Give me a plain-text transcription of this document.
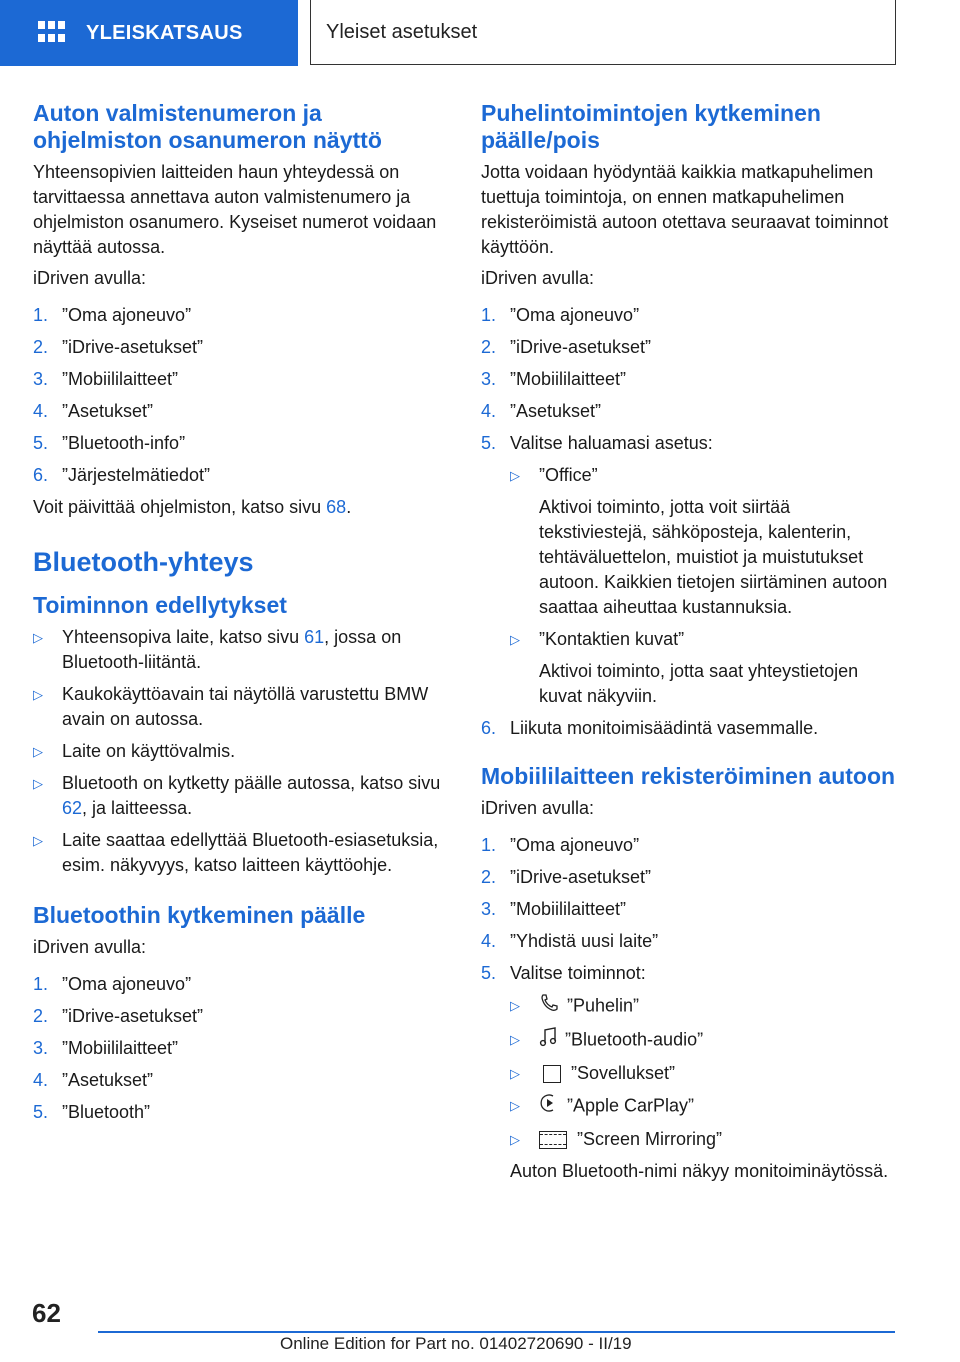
YLEISKATSAUS	Yleiset asetukset
Auton valmistenumeron ja ohjelmiston osanumeron näyttö

Yhteensopivien laitteiden haun yhteydessä on tarvittaessa annettava auton valmistenumero ja ohjelmiston osanumero. Kyseiset numerot voidaan näyttää autossa.

iDriven avulla:

1. ”Oma ajoneuvo”
2. ”iDrive-asetukset”
3. ”Mobiililaitteet”
4. ”Asetukset”
5. ”Bluetooth-info”
6. ”Järjestelmätiedot”

Voit päivittää ohjelmiston, katso sivu 68.

Bluetooth-yhteys
Toiminnon edellytykset
▷	Yhteensopiva laite, katso sivu 61, jossa on Bluetooth-liitäntä.
▷	Kaukokäyttöavain tai näytöllä varustettu BMW avain on autossa.
▷	Laite on käyttövalmis.
▷	Bluetooth on kytketty päälle autossa, katso sivu 62, ja laitteessa.
▷	Laite saattaa edellyttää Bluetooth-esiasetuksia, esim. näkyvyys, katso laitteen käyttöohje.
Bluetoothin kytkeminen päälle

iDriven avulla:

1. ”Oma ajoneuvo”
2. ”iDrive-asetukset”
3. ”Mobiililaitteet”
4. ”Asetukset”
5. ”Bluetooth”
Puhelintoimintojen kytkeminen päälle/pois

Jotta voidaan hyödyntää kaikkia matkapuhelimen tuettuja toimintoja, on ennen matkapuhelimen rekisteröimistä autoon otettava seuraavat toiminnot käyttöön.

iDriven avulla:

1. ”Oma ajoneuvo”
2. ”iDrive-asetukset”
3. ”Mobiililaitteet”
4. ”Asetukset”
5. Valitse haluamasi asetus:
▷	”Office”

Aktivoi toiminto, jotta voit siirtää tekstiviestejä, sähköposteja, kalenterin, tehtäväluettelon, muistiot ja muistutukset autoon. Kaikkien tietojen siirtäminen autoon saattaa aiheuttaa kustannuksia.

▷	”Kontaktien kuvat”

Aktivoi toiminto, jotta saat yhteystietojen kuvat näkyviin.

6. Liikuta monitoimisäädintä vasemmalle.
Mobiililaitteen rekisteröiminen autoon

iDriven avulla:

1. ”Oma ajoneuvo”
2. ”iDrive-asetukset”
3. ”Mobiililaitteet”
4. ”Yhdistä uusi laite”
5. Valitse toiminnot:
▷	”Puhelin”
▷	”Bluetooth-audio”
▷	”Sovellukset”
▷	”Apple CarPlay”
▷	”Screen Mirroring”

Auton Bluetooth-nimi näkyy monitoiminäytössä.

62
Online Edition for Part no. 01402720690 - II/19
